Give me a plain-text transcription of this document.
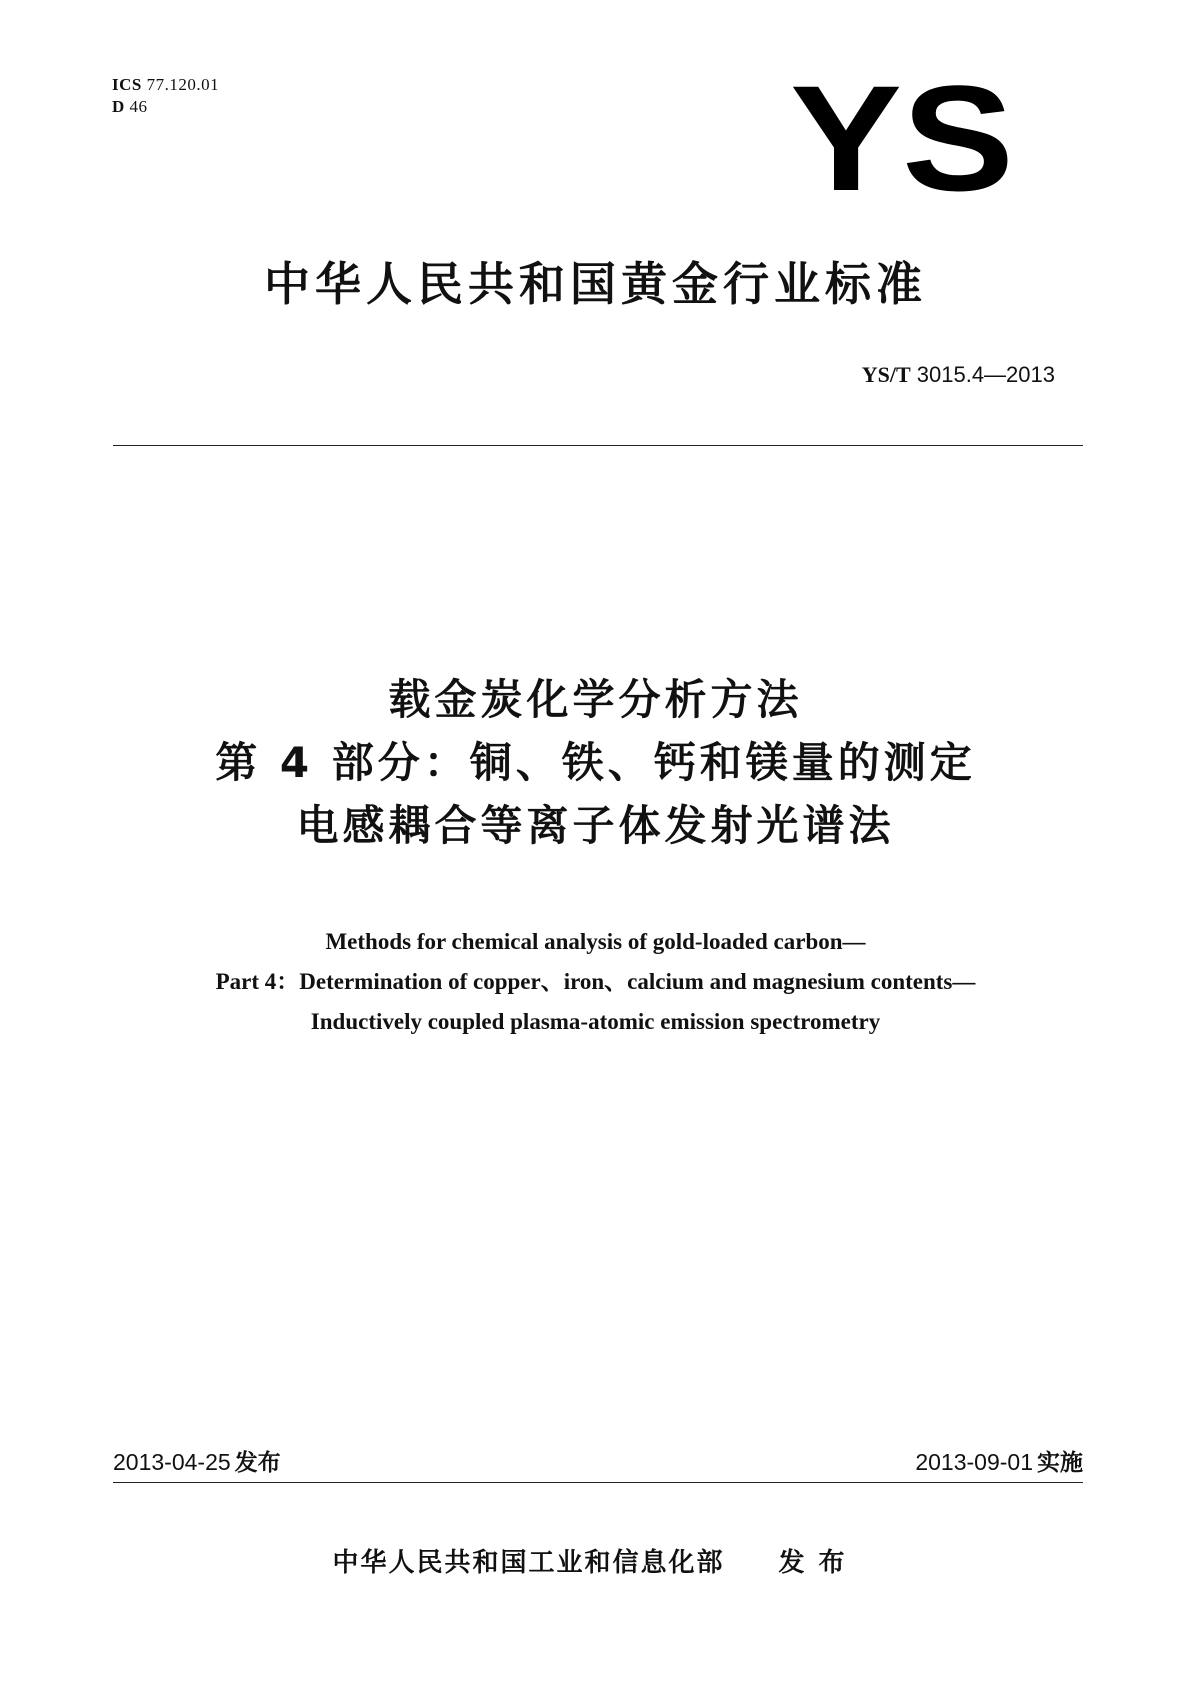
ICS 77.120.01
D 46	YS
中华人民共和国黄金行业标准
YS/T 3015.4—2013
载金炭化学分析方法
第 4 部分：铜、铁、钙和镁量的测定
电感耦合等离子体发射光谱法
Methods for chemical analysis of gold-loaded carbon—
Part 4：Determination of copper、iron、calcium and magnesium contents—
Inductively coupled plasma-atomic emission spectrometry
2013-04-25 发布	2013-09-01 实施
中华人民共和国工业和信息化部 发布
